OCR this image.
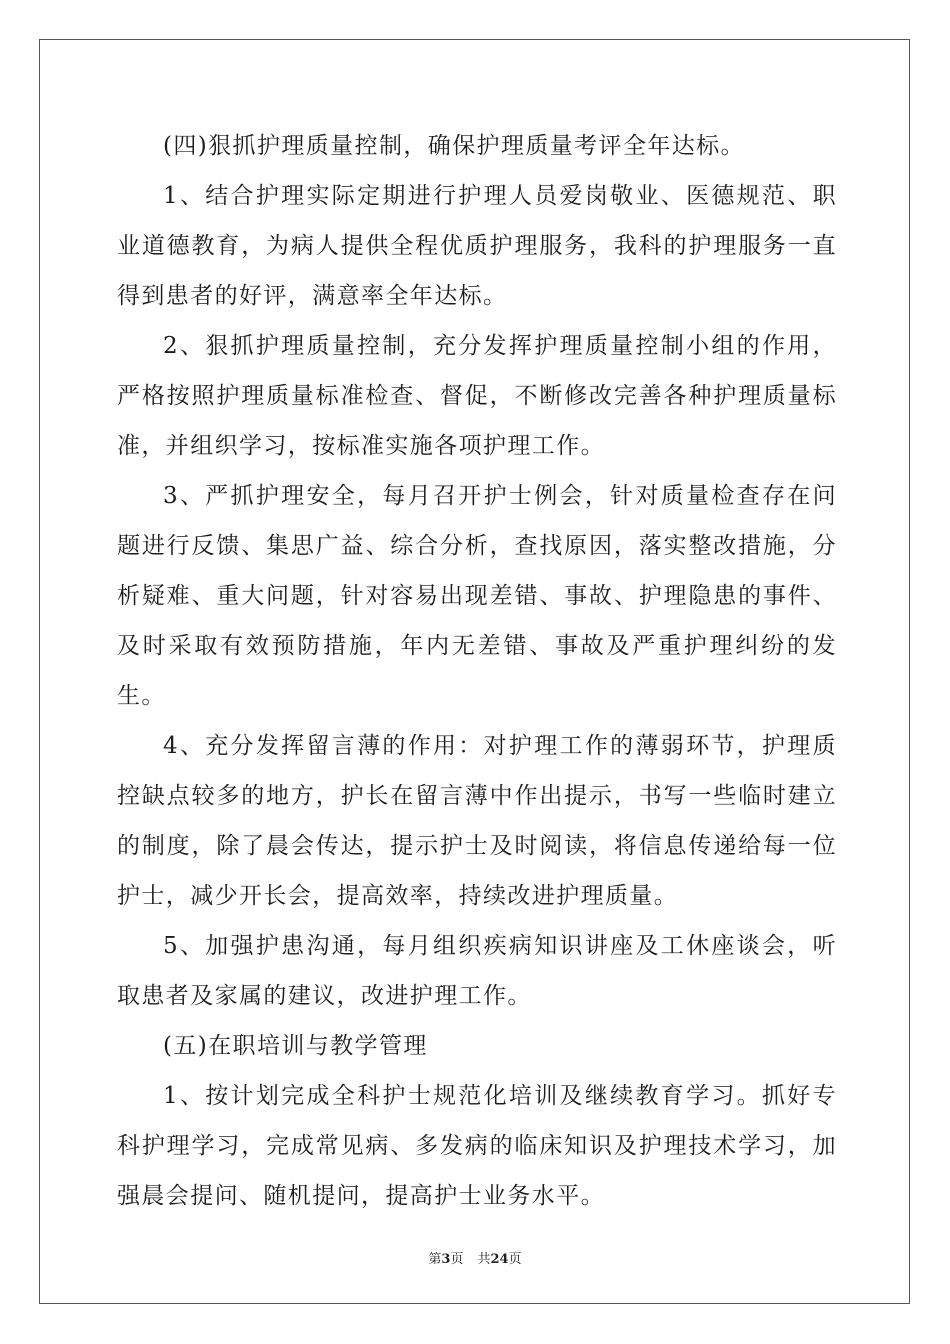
(四)狠抓护理质量控制，确保护理质量考评全年达标。

1、结合护理实际定期进行护理人员爱岗敬业、医德规范、职业道德教育，为病人提供全程优质护理服务，我科的护理服务一直得到患者的好评，满意率全年达标。

2、狠抓护理质量控制，充分发挥护理质量控制小组的作用，严格按照护理质量标准检查、督促，不断修改完善各种护理质量标准，并组织学习，按标准实施各项护理工作。

3、严抓护理安全，每月召开护士例会，针对质量检查存在问题进行反馈、集思广益、综合分析，查找原因，落实整改措施，分析疑难、重大问题，针对容易出现差错、事故、护理隐患的事件、及时采取有效预防措施，年内无差错、事故及严重护理纠纷的发生。

4、充分发挥留言薄的作用：对护理工作的薄弱环节，护理质控缺点较多的地方，护长在留言薄中作出提示，书写一些临时建立的制度，除了晨会传达，提示护士及时阅读，将信息传递给每一位护士，减少开长会，提高效率，持续改进护理质量。

5、加强护患沟通，每月组织疾病知识讲座及工休座谈会，听取患者及家属的建议，改进护理工作。

(五)在职培训与教学管理

1、按计划完成全科护士规范化培训及继续教育学习。抓好专科护理学习，完成常见病、多发病的临床知识及护理技术学习，加强晨会提问、随机提问，提高护士业务水平。

第3页 共24页
